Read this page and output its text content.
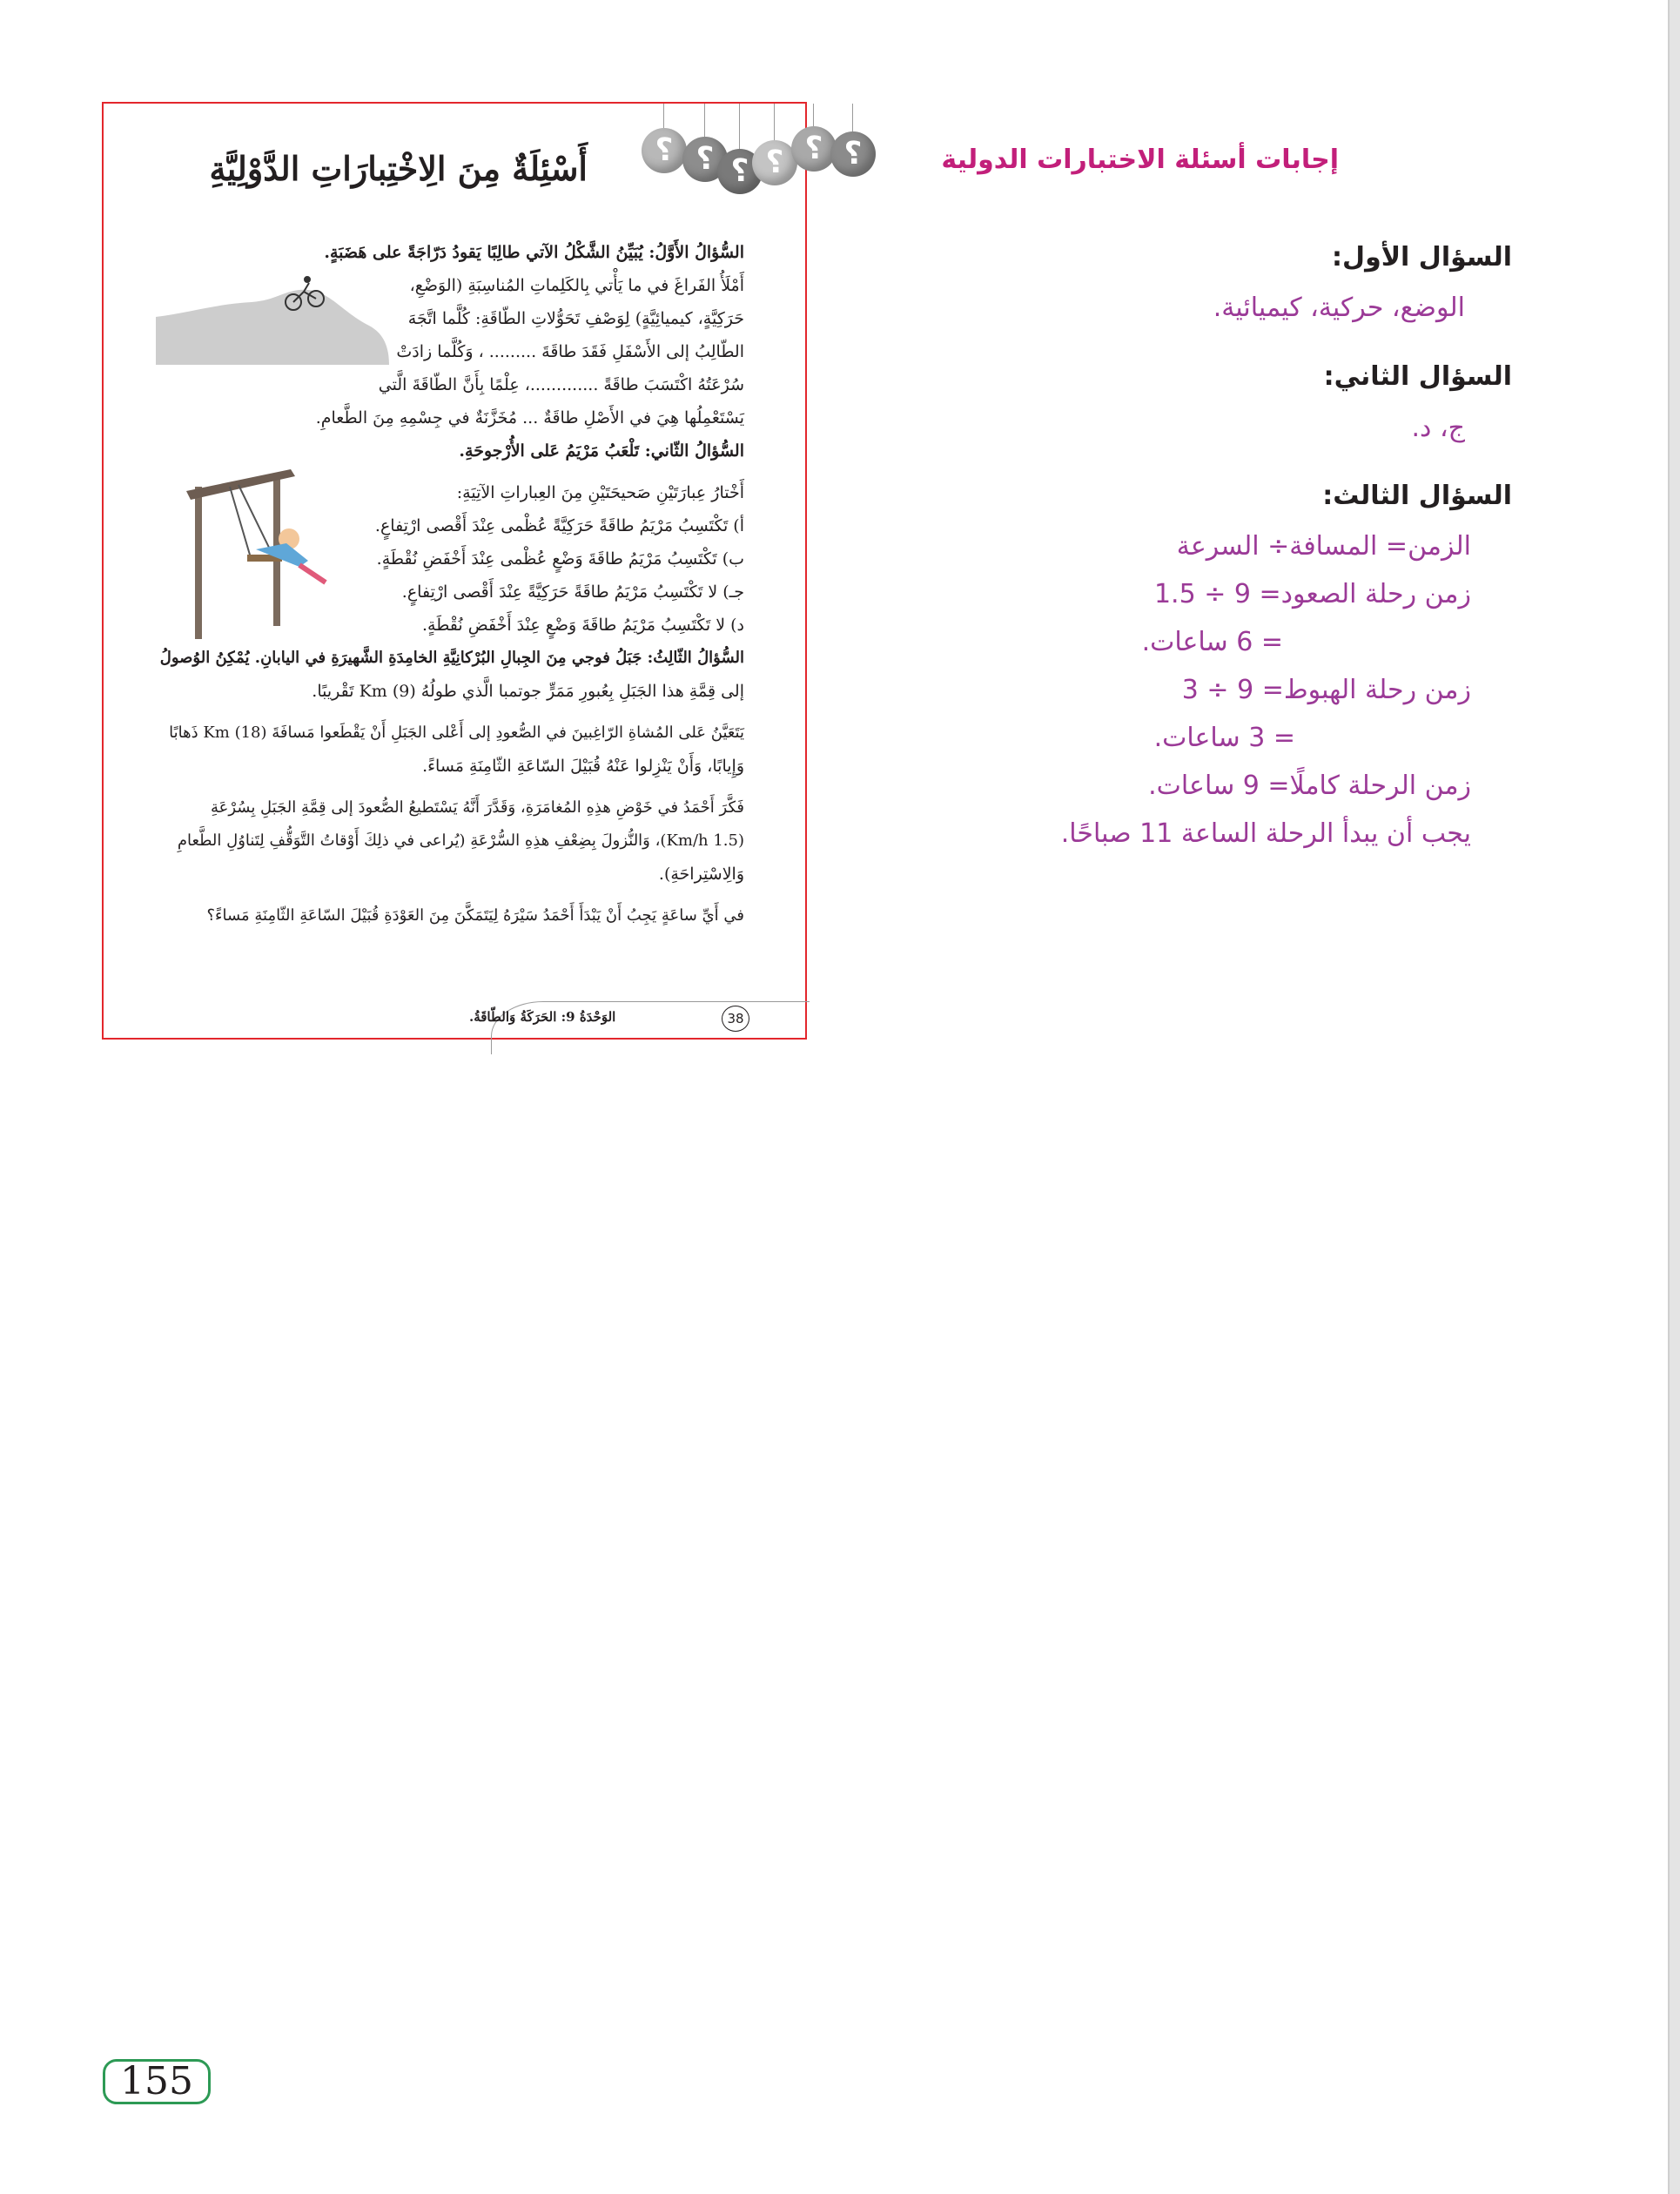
؟ ؟ ؟ ؟ ؟ ؟
أَسْئِلَةٌ مِنَ الِاخْتِبارَاتِ الدَّوْلِيَّةِ
السُّؤالُ الأَوَّلُ: يُبَيِّنُ الشَّكْلُ الآتي طالِبًا يَقودُ دَرّاجَةً على هَضَبَةٍ.
أَمْلَأُ الفَراغَ في ما يَأْتي بِالكَلِماتِ المُناسِبَةِ (الوَضْعِ،
حَرَكِيَّةٍ، كيميائِيَّةٍ) لِوَصْفِ تَحَوُّلاتِ الطّاقَةِ: كُلَّما اتَّجَهَ
الطّالِبُ إلى الأَسْفَلِ فَقَدَ طاقَةَ ......... ، وَكُلَّما زادَتْ
سُرْعَتُهُ اكْتَسَبَ طاقَةً .............، عِلْمًا بِأَنَّ الطّاقَةَ الَّتي
يَسْتَعْمِلُها هِيَ في الأَصْلِ طاقَةٌ ... مُخَزَّنَةٌ في جِسْمِهِ مِنَ الطَّعامِ.
السُّؤالُ الثّاني: تَلْعَبُ مَرْيَمُ عَلى الأُرْجوحَةِ.
أَخْتارُ عِبارَتَيْنِ صَحيحَتَيْنِ مِنَ العِباراتِ الآتِيَةِ:
أ) تَكْتَسِبُ مَرْيَمُ طاقَةً حَرَكِيَّةً عُظْمى عِنْدَ أَقْصى ارْتِفاعٍ.
ب) تَكْتَسِبُ مَرْيَمُ طاقَةَ وَضْعٍ عُظْمى عِنْدَ أَخْفَضِ نُقْطَةٍ.
جـ) لا تَكْتَسِبُ مَرْيَمُ طاقَةً حَرَكِيَّةً عِنْدَ أَقْصى ارْتِفاعٍ.
د) لا تَكْتَسِبُ مَرْيَمُ طاقَةَ وَضْعٍ عِنْدَ أَخْفَضِ نُقْطَةٍ.
السُّؤالُ الثّالِثُ: جَبَلُ فوجي مِنَ الجِبالِ البُرْكانِيَّةِ الخامِدَةِ الشَّهيرَةِ في اليابانِ. يُمْكِنُ الوُصولُ
إلى قِمَّةِ هذا الجَبَلِ بِعُبورِ مَمَرٍّ جوتمبا الَّذي طولُهُ Km (9) تَقْريبًا.
يَتَعَيَّنُ عَلى المُشاةِ الرّاغِبينَ في الصُّعودِ إلى أَعْلى الجَبَلِ أَنْ يَقْطَعوا مَسافَةَ Km (18) ذَهابًا
وَإِيابًا، وَأَنْ يَنْزِلوا عَنْهُ قُبَيْلَ السّاعَةِ الثّامِنَةِ مَساءً.
فَكَّرَ أَحْمَدُ في خَوْضِ هذِهِ المُغامَرَةِ، وَقَدَّرَ أَنَّهُ يَسْتَطيعُ الصُّعودَ إلى قِمَّةِ الجَبَلِ بِسُرْعَةِ
(Km/h 1.5)، وَالنُّزولَ بِضِعْفِ هذِهِ السُّرْعَةِ (يُراعى في ذلِكَ أَوْقاتُ التَّوَقُّفِ لِتَناوُلِ الطَّعامِ
وَالِاسْتِراحَةِ).
في أَيِّ ساعَةٍ يَجِبُ أَنْ يَبْدَأَ أَحْمَدُ سَيْرَهُ لِيَتَمَكَّنَ مِنَ العَوْدَةِ قُبَيْلَ السّاعَةِ الثّامِنَةِ مَساءً؟
الوَحْدَةُ 9: الحَرَكَةُ وَالطّاقَةُ.	38
إجابات أسئلة الاختبارات الدولية
السؤال الأول:
الوضع، حركية، كيميائية.
السؤال الثاني:
ج، د.
السؤال الثالث:
الزمن= المسافة÷ السرعة
زمن رحلة الصعود= 9 ÷ 1.5
= 6 ساعات.
زمن رحلة الهبوط= 9 ÷ 3
= 3 ساعات.
زمن الرحلة كاملًا= 9 ساعات.
يجب أن يبدأ الرحلة الساعة 11 صباحًا.
155
